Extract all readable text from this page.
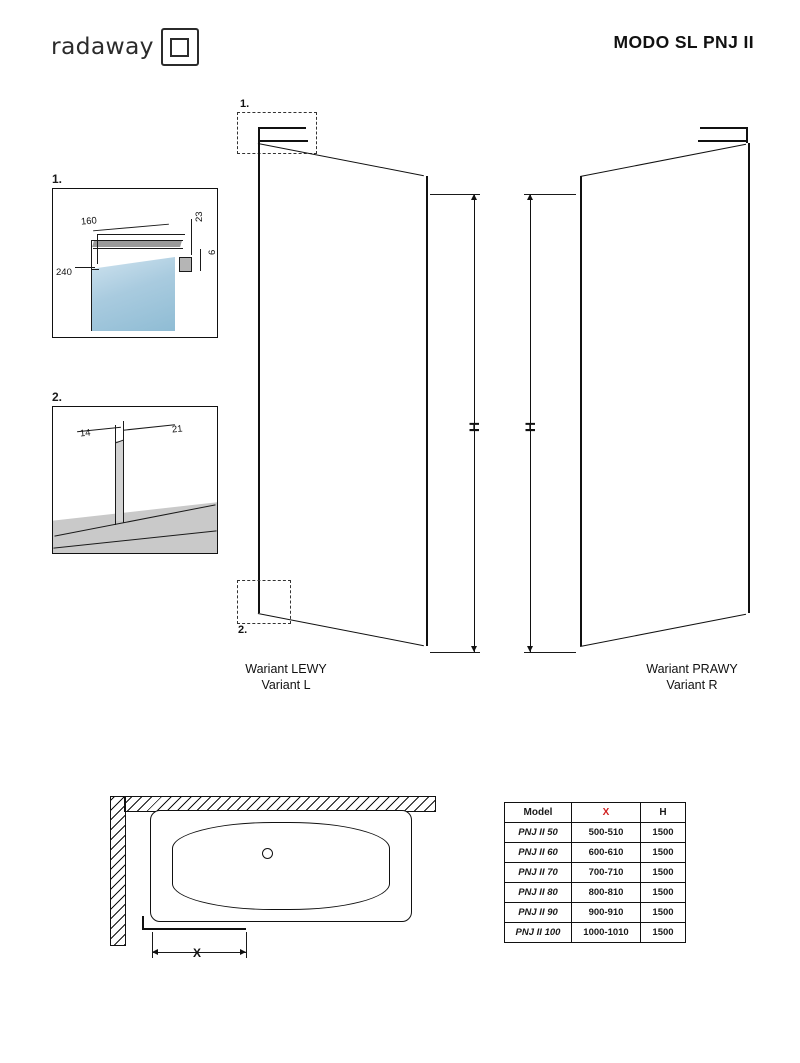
radaway	MODO SL PNJ II
1.
160	23
6
240
2.
14	21
1.
2.
H
Wariant LEWY
Variant L
H
Wariant PRAWY
Variant R
X
Model	X	H
PNJ II 50	500-510	1500
PNJ II 60	600-610	1500
PNJ II 70	700-710	1500
PNJ II 80	800-810	1500
PNJ II 90	900-910	1500
PNJ II 100	1000-1010	1500
